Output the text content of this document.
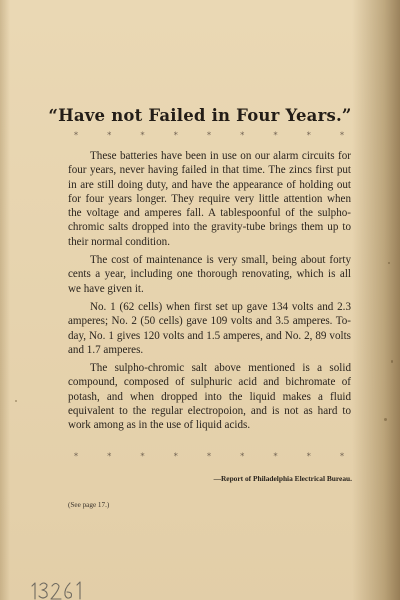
“Have not Failed in Four Years.”
*	*	*	*	*	*	*	*	*

These batteries have been in use on our alarm circuits for four years, never having failed in that time. The zincs first put in are still doing duty, and have the appearance of holding out for four years longer. They require very little attention when the voltage and amperes fall. A tablespoonful of the sulpho-chromic salts dropped into the gravity-tube brings them up to their normal condition.

The cost of maintenance is very small, being about forty cents a year, including one thorough renovating, which is all we have given it.

No. 1 (62 cells) when first set up gave 134 volts and 2.3 amperes; No. 2 (50 cells) gave 109 volts and 3.5 amperes. To-day, No. 1 gives 120 volts and 1.5 amperes, and No. 2, 89 volts and 1.7 amperes.

The sulpho-chromic salt above mentioned is a solid compound, composed of sulphuric acid and bichromate of potash, and when dropped into the liquid makes a fluid equivalent to the regular electropoion, and is not as hard to work among as in the use of liquid acids.

*	*	*	*	*	*	*	*	*
—Report of Philadelphia Electrical Bureau.
(See page 17.)
